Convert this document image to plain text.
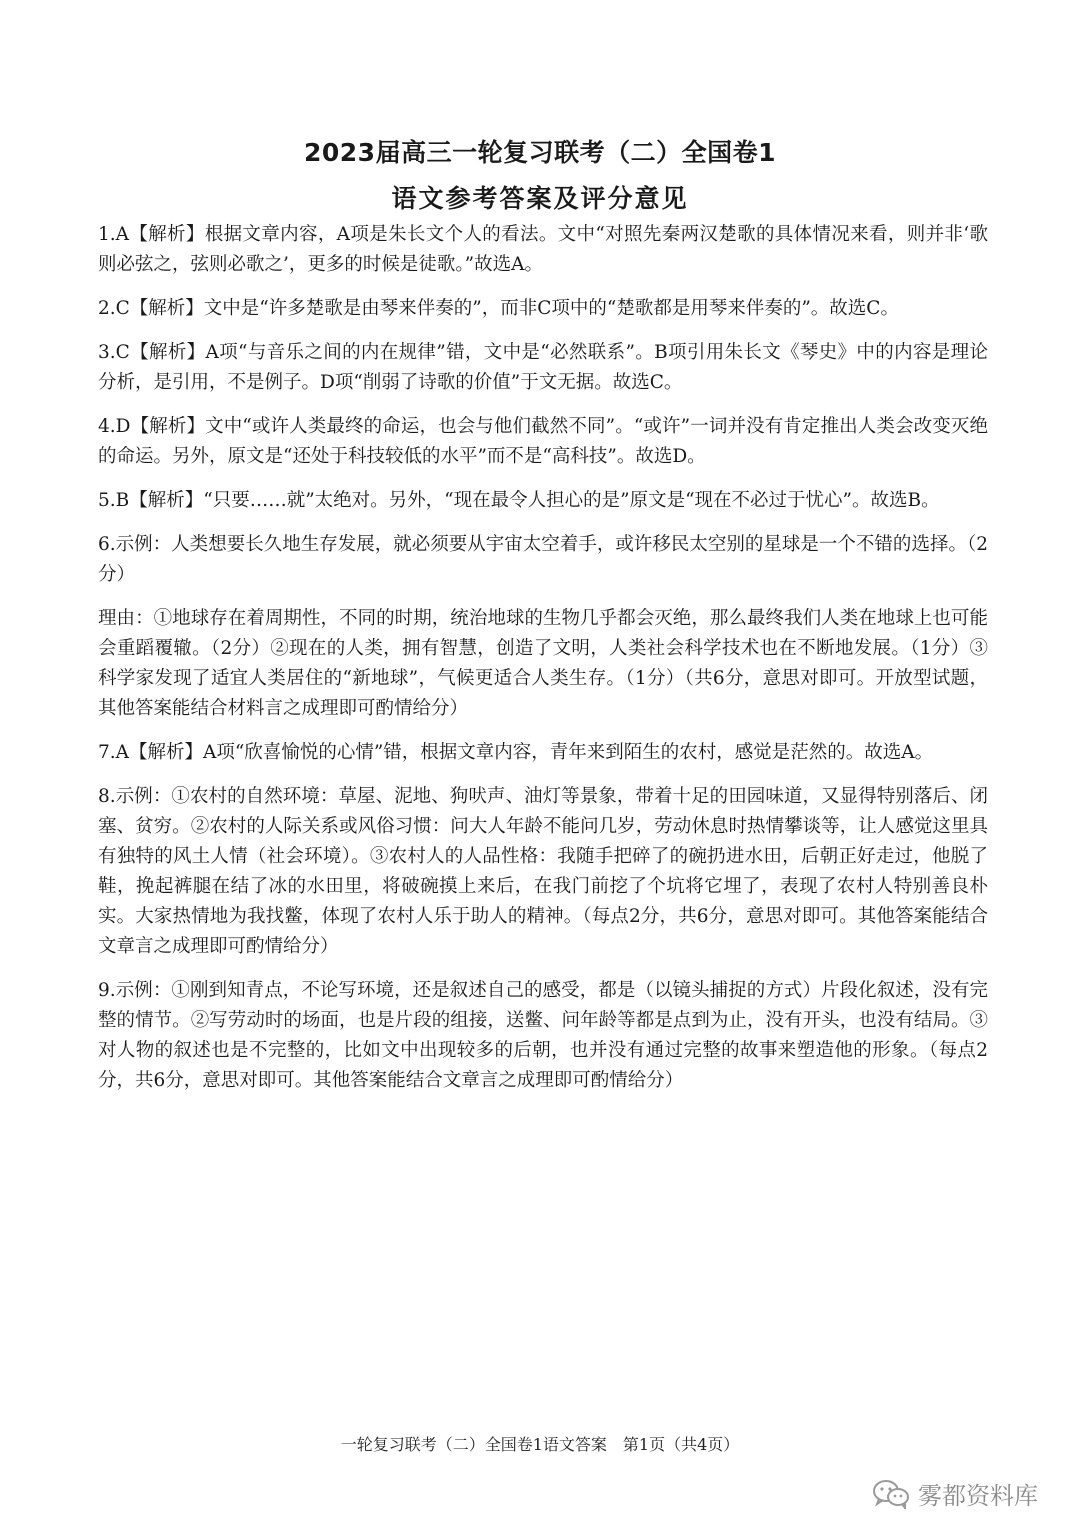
2023届高三一轮复习联考（二）全国卷1
语文参考答案及评分意见

1.A【解析】根据文章内容，A项是朱长文个人的看法。文中“对照先秦两汉楚歌的具体情况来看，则并非‘歌则必弦之，弦则必歌之’，更多的时候是徒歌。”故选A。

2.C【解析】文中是“许多楚歌是由琴来伴奏的”，而非C项中的“楚歌都是用琴来伴奏的”。故选C。

3.C【解析】A项“与音乐之间的内在规律”错，文中是“必然联系”。B项引用朱长文《琴史》中的内容是理论分析，是引用，不是例子。D项“削弱了诗歌的价值”于文无据。故选C。

4.D【解析】文中“或许人类最终的命运，也会与他们截然不同”。“或许”一词并没有肯定推出人类会改变灭绝的命运。另外，原文是“还处于科技较低的水平”而不是“高科技”。故选D。

5.B【解析】“只要……就”太绝对。另外，“现在最令人担心的是”原文是“现在不必过于忧心”。故选B。

6.示例：人类想要长久地生存发展，就必须要从宇宙太空着手，或许移民太空别的星球是一个不错的选择。（2分）

理由：①地球存在着周期性，不同的时期，统治地球的生物几乎都会灭绝，那么最终我们人类在地球上也可能会重蹈覆辙。（2分）②现在的人类，拥有智慧，创造了文明，人类社会科学技术也在不断地发展。（1分）③科学家发现了适宜人类居住的“新地球”，气候更适合人类生存。（1分）（共6分，意思对即可。开放型试题，其他答案能结合材料言之成理即可酌情给分）

7.A【解析】A项“欣喜愉悦的心情”错，根据文章内容，青年来到陌生的农村，感觉是茫然的。故选A。

8.示例：①农村的自然环境：草屋、泥地、狗吠声、油灯等景象，带着十足的田园味道，又显得特别落后、闭塞、贫穷。②农村的人际关系或风俗习惯：问大人年龄不能问几岁，劳动休息时热情攀谈等，让人感觉这里具有独特的风土人情（社会环境）。③农村人的人品性格：我随手把碎了的碗扔进水田，后朝正好走过，他脱了鞋，挽起裤腿在结了冰的水田里，将破碗摸上来后，在我门前挖了个坑将它埋了，表现了农村人特别善良朴实。大家热情地为我找鳖，体现了农村人乐于助人的精神。（每点2分，共6分，意思对即可。其他答案能结合文章言之成理即可酌情给分）

9.示例：①刚到知青点，不论写环境，还是叙述自己的感受，都是（以镜头捕捉的方式）片段化叙述，没有完整的情节。②写劳动时的场面，也是片段的组接，送鳖、问年龄等都是点到为止，没有开头，也没有结局。③对人物的叙述也是不完整的，比如文中出现较多的后朝，也并没有通过完整的故事来塑造他的形象。（每点2分，共6分，意思对即可。其他答案能结合文章言之成理即可酌情给分）

一轮复习联考（二）全国卷1语文答案　第1页（共4页）
雾都资料库
